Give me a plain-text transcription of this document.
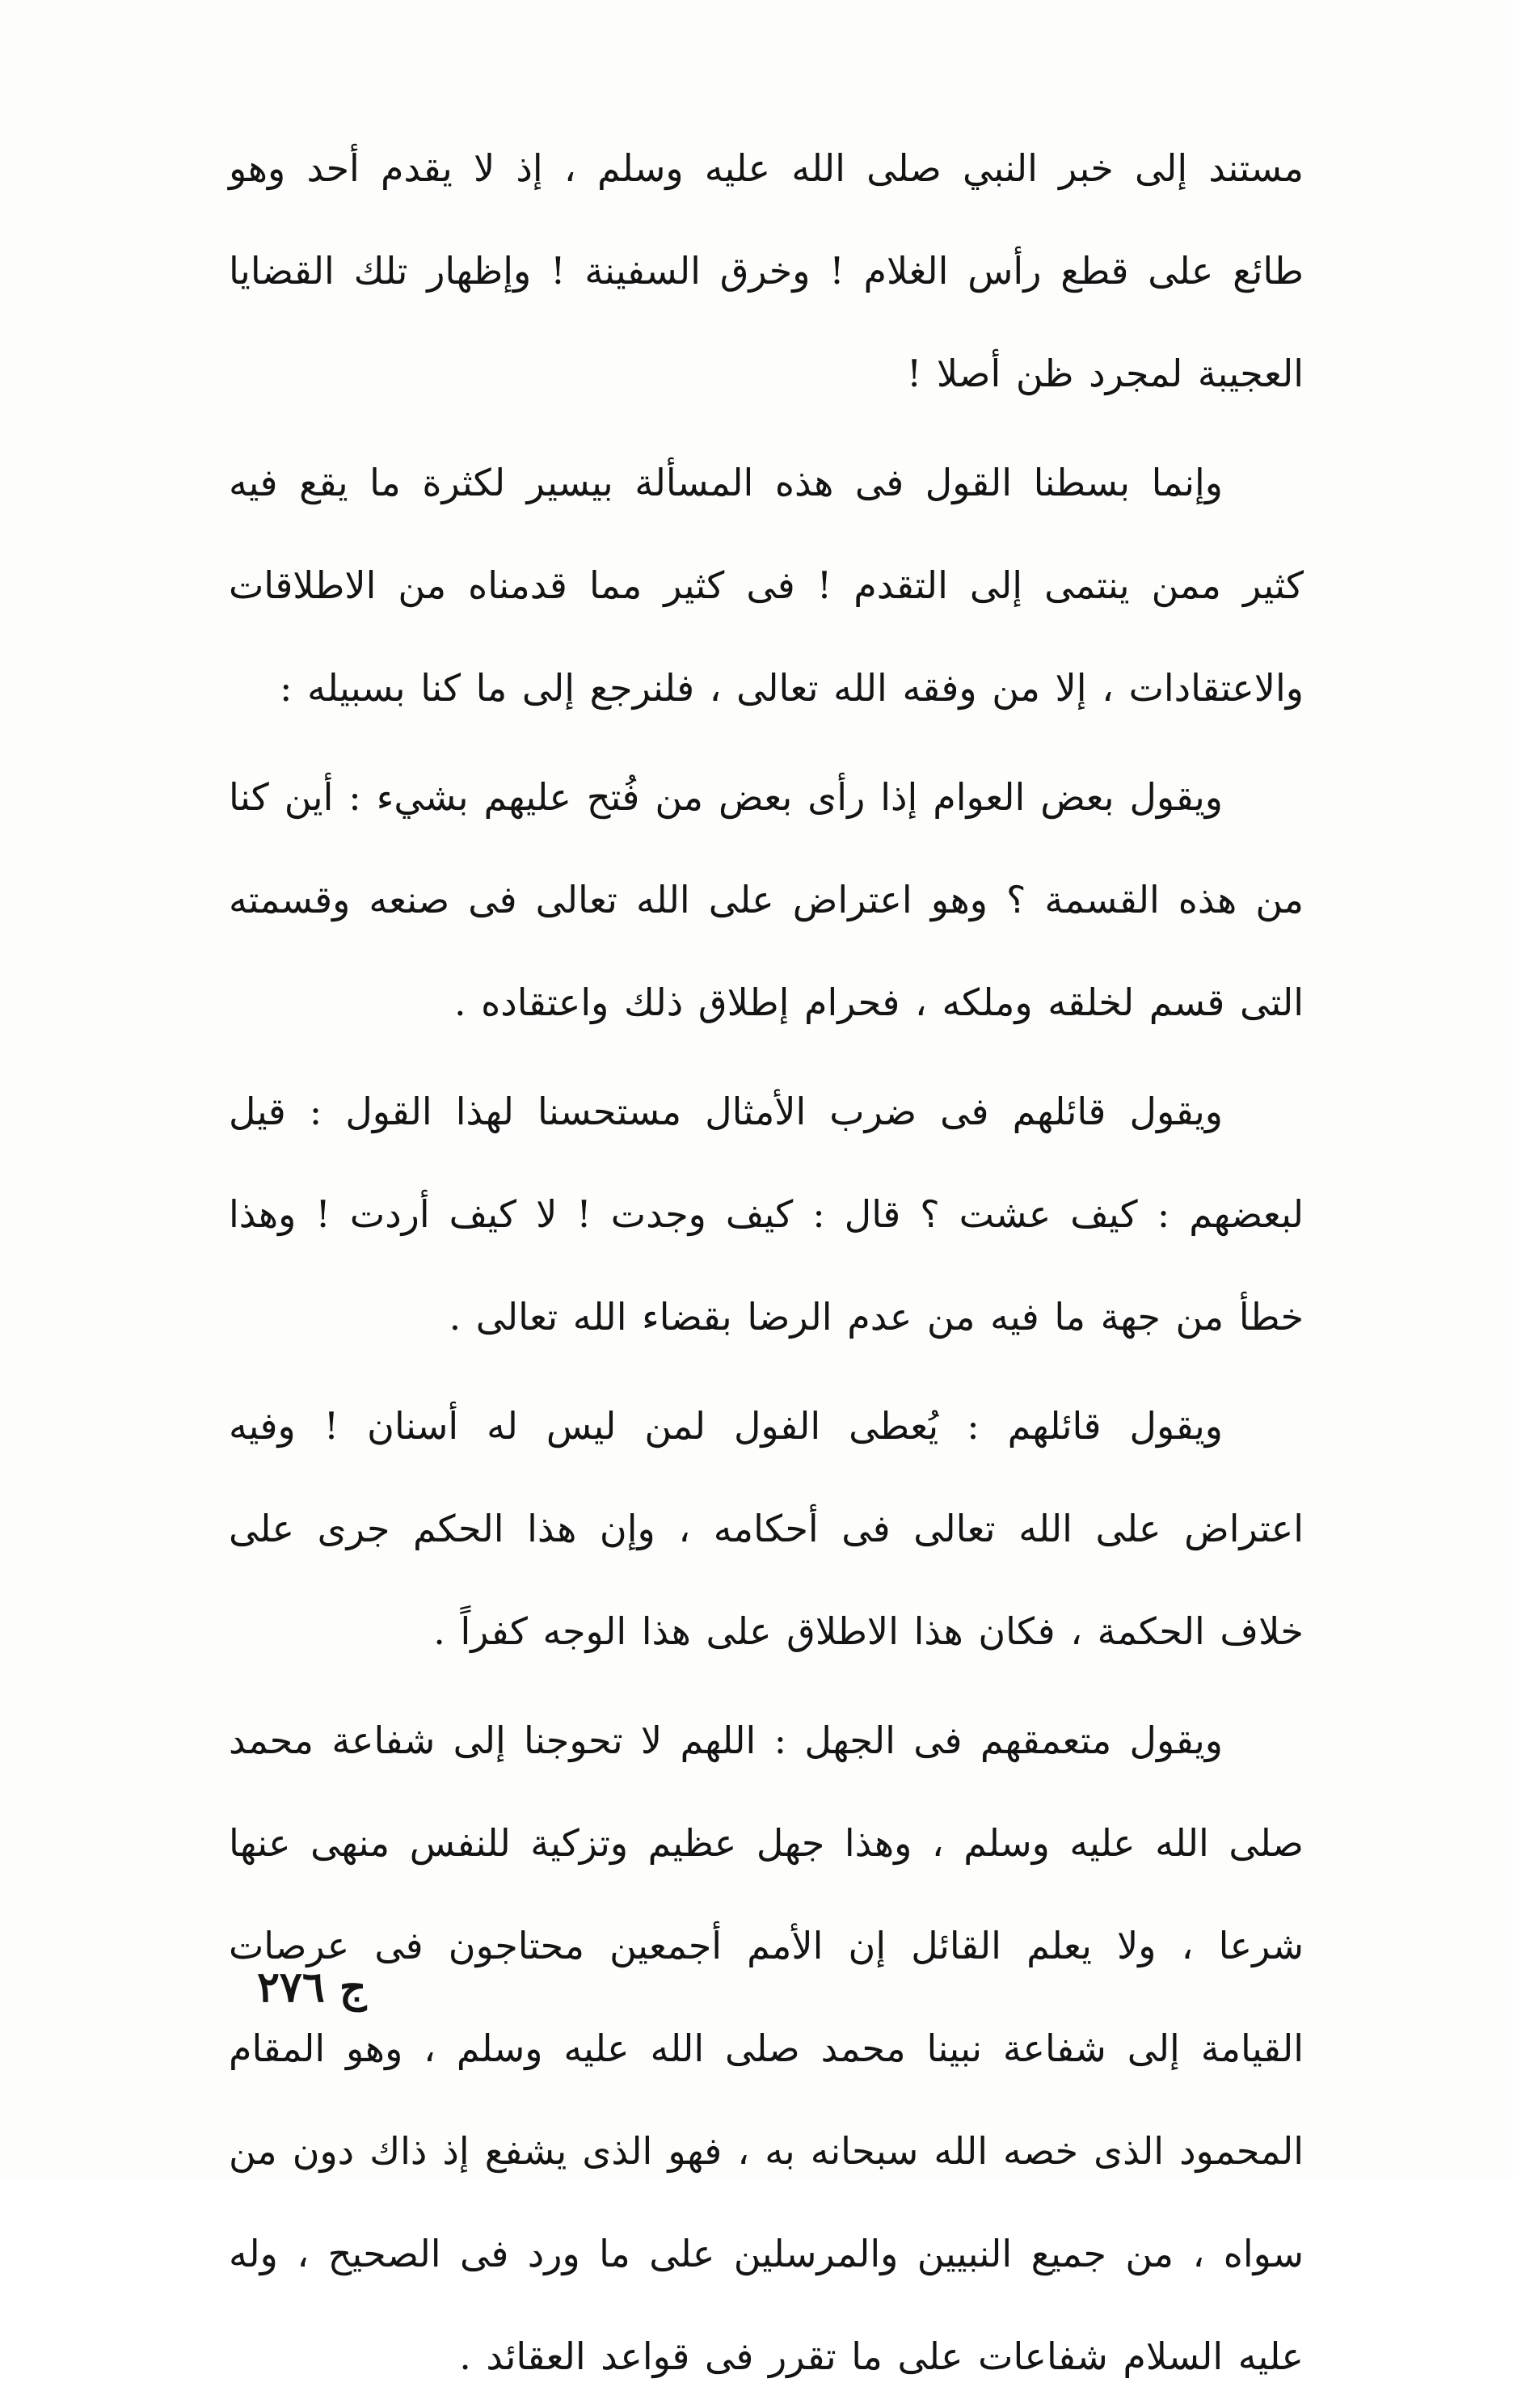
مستند إلى خبر النبي صلى الله عليه وسلم ، إذ لا يقدم أحد وهو طائع على قطع رأس الغلام ! وخرق السفينة ! وإظهار تلك القضايا العجيبة لمجرد ظن أصلا !

وإنما بسطنا القول فى هذه المسألة بيسير لكثرة ما يقع فيه كثير ممن ينتمى إلى التقدم ! فى كثير مما قدمناه من الاطلاقات والاعتقادات ، إلا من وفقه الله تعالى ، فلنرجع إلى ما كنا بسبيله :

ويقول بعض العوام إذا رأى بعض من فُتح عليهم بشيء : أين كنا من هذه القسمة ؟ وهو اعتراض على الله تعالى فى صنعه وقسمته التى قسم لخلقه وملكه ، فحرام إطلاق ذلك واعتقاده .

ويقول قائلهم فى ضرب الأمثال مستحسنا لهذا القول : قيل لبعضهم : كيف عشت ؟ قال : كيف وجدت ! لا كيف أردت ! وهذا خطأ من جهة ما فيه من عدم الرضا بقضاء الله تعالى .

ويقول قائلهم : يُعطى الفول لمن ليس له أسنان ! وفيه اعتراض على الله تعالى فى أحكامه ، وإن هذا الحكم جرى على خلاف الحكمة ، فكان هذا الاطلاق على هذا الوجه كفراً .

ويقول متعمقهم فى الجهل : اللهم لا تحوجنا إلى شفاعة محمد صلى الله عليه وسلم ، وهذا جهل عظيم وتزكية للنفس منهى عنها شرعا ، ولا يعلم القائل إن الأمم أجمعين محتاجون فى عرصات القيامة إلى شفاعة نبينا محمد صلى الله عليه وسلم ، وهو المقام المحمود الذى خصه الله سبحانه به ، فهو الذى يشفع إذ ذاك دون من سواه ، من جميع النبيين والمرسلين على ما ورد فى الصحيح ، وله عليه السلام شفاعات على ما تقرر فى قواعد العقائد .

ج ٢٧٦
